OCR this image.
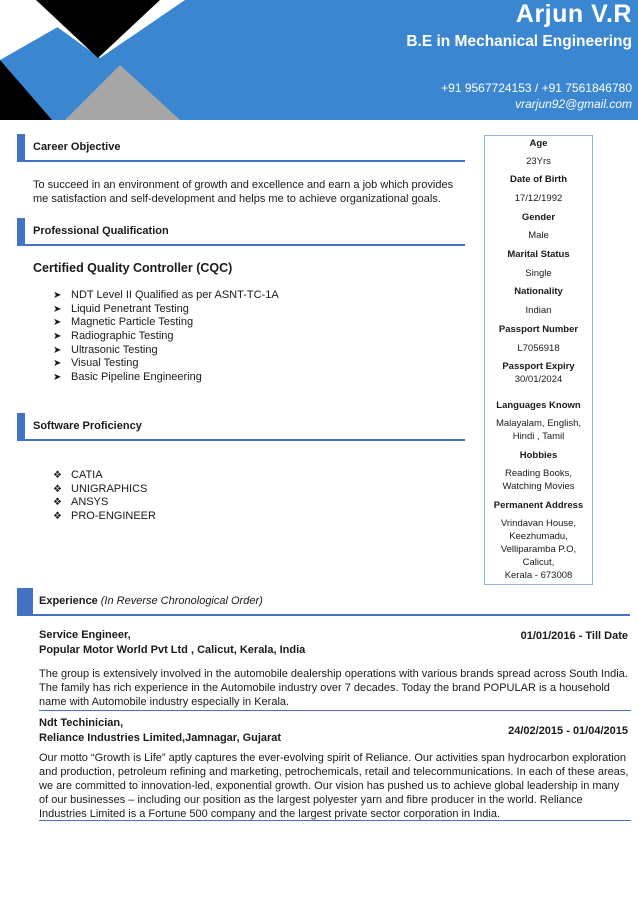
Arjun V.R
B.E in Mechanical Engineering
+91 9567724153 / +91 7561846780
vrarjun92@gmail.com
Career Objective
To succeed in an environment of growth and excellence and earn a job which provides me satisfaction and self-development and helps me to achieve organizational goals.
Professional Qualification
Certified Quality Controller (CQC)
➤ NDT Level II Qualified as per ASNT-TC-1A
➤ Liquid Penetrant Testing
➤ Magnetic Particle Testing
➤ Radiographic Testing
➤ Ultrasonic Testing
➤ Visual Testing
➤ Basic Pipeline Engineering
Software Proficiency
❖ CATIA
❖ UNIGRAPHICS
❖ ANSYS
❖ PRO-ENGINEER
Age
23Yrs
Date of Birth
17/12/1992
Gender
Male
Marital Status
Single
Nationality
Indian
Passport Number
L7056918
Passport Expiry
30/01/2024
Languages Known
Malayalam, English,
Hindi , Tamil
Hobbies
Reading Books,
Watching Movies
Permanent Address
Vrindavan House,
Keezhumadu,
Velliparamba P.O,
Calicut,
Kerala - 673008
Experience (In Reverse Chronological Order)
Service Engineer,
Popular Motor World Pvt Ltd , Calicut, Kerala, India
01/01/2016 - Till Date
The group is extensively involved in the automobile dealership operations with various brands spread across South India. The family has rich experience in the Automobile industry over 7 decades. Today the brand POPULAR is a household name with Automobile industry especially in Kerala.
Ndt Techinician,
Reliance Industries Limited,Jamnagar, Gujarat
24/02/2015 - 01/04/2015
Our motto “Growth is Life” aptly captures the ever-evolving spirit of Reliance. Our activities span hydrocarbon exploration and production, petroleum refining and marketing, petrochemicals, retail and telecommunications. In each of these areas, we are committed to innovation-led, exponential growth. Our vision has pushed us to achieve global leadership in many of our businesses – including our position as the largest polyester yarn and fibre producer in the world. Reliance Industries Limited is a Fortune 500 company and the largest private sector corporation in India.
